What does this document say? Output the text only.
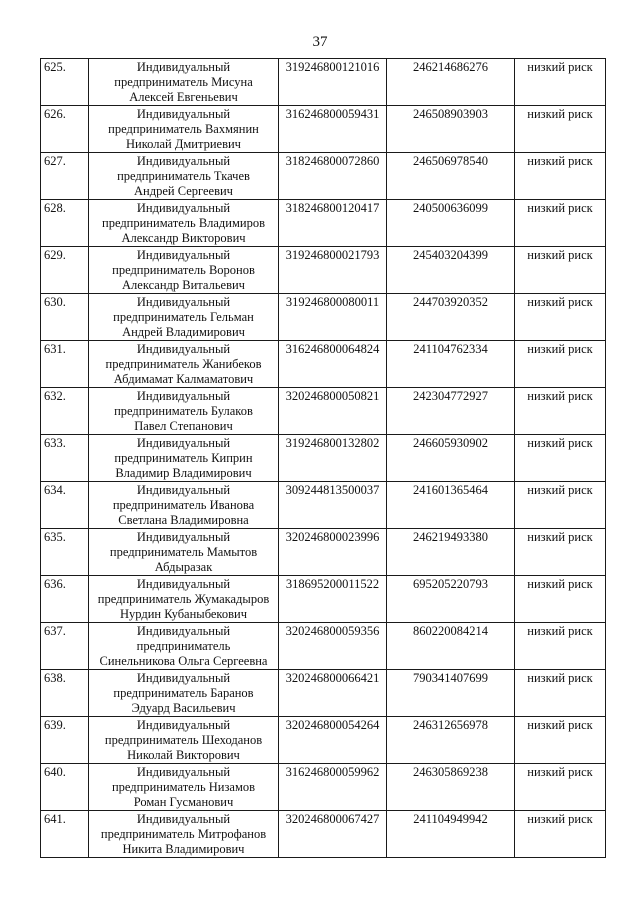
37
625.	Индивидуальный
предприниматель Мисуна
Алексей Евгеньевич	319246800121016	246214686276	низкий риск
626.	Индивидуальный
предприниматель Вахмянин
Николай Дмитриевич	316246800059431	246508903903	низкий риск
627.	Индивидуальный
предприниматель Ткачев
Андрей Сергеевич	318246800072860	246506978540	низкий риск
628.	Индивидуальный
предприниматель Владимиров
Александр Викторович	318246800120417	240500636099	низкий риск
629.	Индивидуальный
предприниматель Воронов
Александр Витальевич	319246800021793	245403204399	низкий риск
630.	Индивидуальный
предприниматель Гельман
Андрей Владимирович	319246800080011	244703920352	низкий риск
631.	Индивидуальный
предприниматель Жанибеков
Абдимамат Калмаматович	316246800064824	241104762334	низкий риск
632.	Индивидуальный
предприниматель Булаков
Павел Степанович	320246800050821	242304772927	низкий риск
633.	Индивидуальный
предприниматель Киприн
Владимир Владимирович	319246800132802	246605930902	низкий риск
634.	Индивидуальный
предприниматель Иванова
Светлана Владимировна	309244813500037	241601365464	низкий риск
635.	Индивидуальный
предприниматель Мамытов
Абдыразак	320246800023996	246219493380	низкий риск
636.	Индивидуальный
предприниматель Жумакадыров
Нурдин Кубаныбекович	318695200011522	695205220793	низкий риск
637.	Индивидуальный
предприниматель
Синельникова Ольга Сергеевна	320246800059356	860220084214	низкий риск
638.	Индивидуальный
предприниматель Баранов
Эдуард Васильевич	320246800066421	790341407699	низкий риск
639.	Индивидуальный
предприниматель Шеходанов
Николай Викторович	320246800054264	246312656978	низкий риск
640.	Индивидуальный
предприниматель Низамов
Роман Гусманович	316246800059962	246305869238	низкий риск
641.	Индивидуальный
предприниматель Митрофанов
Никита Владимирович	320246800067427	241104949942	низкий риск
